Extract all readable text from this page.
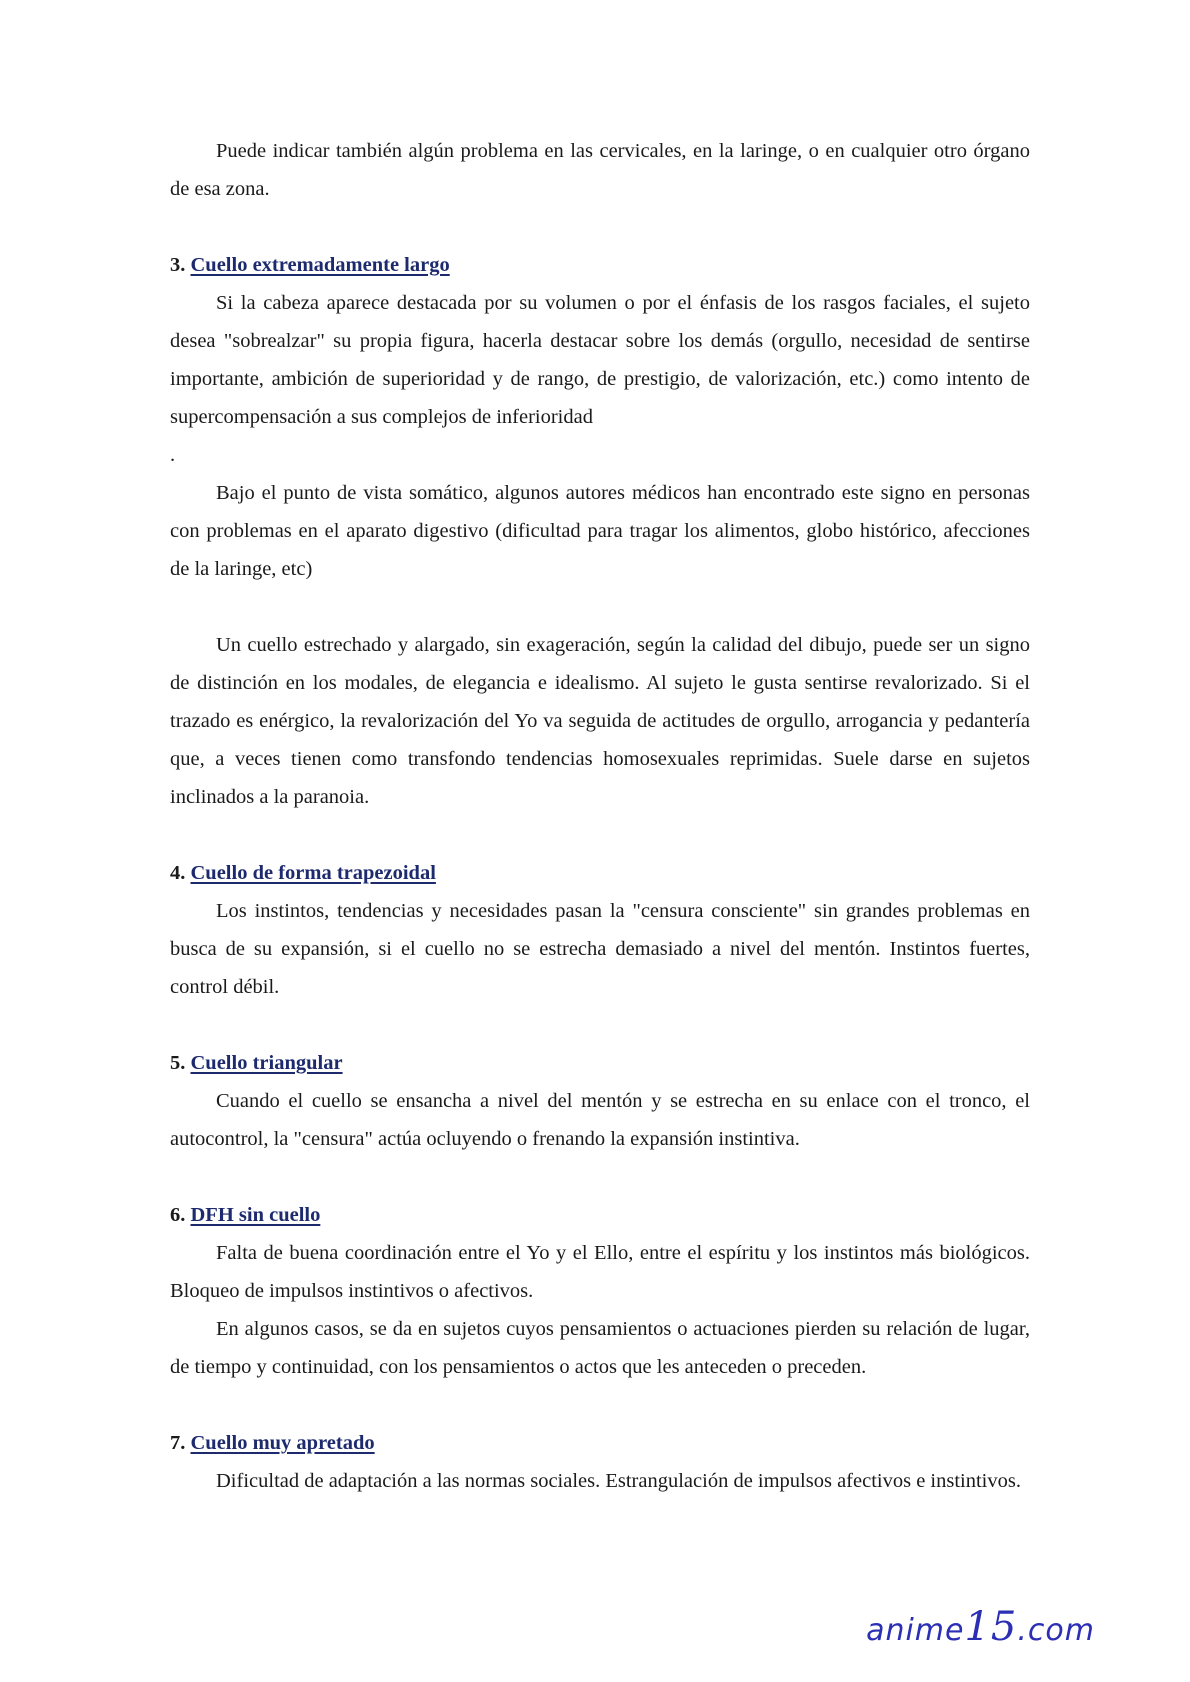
Puede indicar también algún problema en las cervicales, en la laringe, o en cualquier otro órgano de esa zona.

3. Cuello extremadamente largo

Si la cabeza aparece destacada por su volumen o por el énfasis de los rasgos faciales, el sujeto desea "sobrealzar" su propia figura, hacerla destacar sobre los demás (orgullo, necesidad de sentirse importante, ambición de superioridad y de rango, de prestigio, de valorización, etc.) como intento de supercompensación a sus complejos de inferioridad

.

Bajo el punto de vista somático, algunos autores médicos han encontrado este signo en personas con problemas en el aparato digestivo (dificultad para tragar los alimentos, globo histórico, afecciones de la laringe, etc)

Un cuello estrechado y alargado, sin exageración, según la calidad del dibujo, puede ser un signo de distinción en los modales, de elegancia e idealismo. Al sujeto le gusta sentirse revalorizado. Si el trazado es enérgico, la revalorización del Yo va seguida de actitudes de orgullo, arrogancia y pedantería que, a veces tienen como transfondo tendencias homosexuales reprimidas. Suele darse en sujetos inclinados a la paranoia.

4. Cuello de forma trapezoidal

Los instintos, tendencias y necesidades pasan la "censura consciente" sin grandes problemas en busca de su expansión, si el cuello no se estrecha demasiado a nivel del mentón. Instintos fuertes, control débil.

5. Cuello triangular

Cuando el cuello se ensancha a nivel del mentón y se estrecha en su enlace con el tronco, el autocontrol, la "censura" actúa ocluyendo o frenando la expansión instintiva.

6. DFH sin cuello

Falta de buena coordinación entre el Yo y el Ello, entre el espíritu y los instintos más biológicos. Bloqueo de impulsos instintivos o afectivos.

En algunos casos, se da en sujetos cuyos pensamientos o actuaciones pierden su relación de lugar, de tiempo y continuidad, con los pensamientos o actos que les anteceden o preceden.

7. Cuello muy apretado

Dificultad de adaptación a las normas sociales. Estrangulación de impulsos afectivos e instintivos.

anime15.com
